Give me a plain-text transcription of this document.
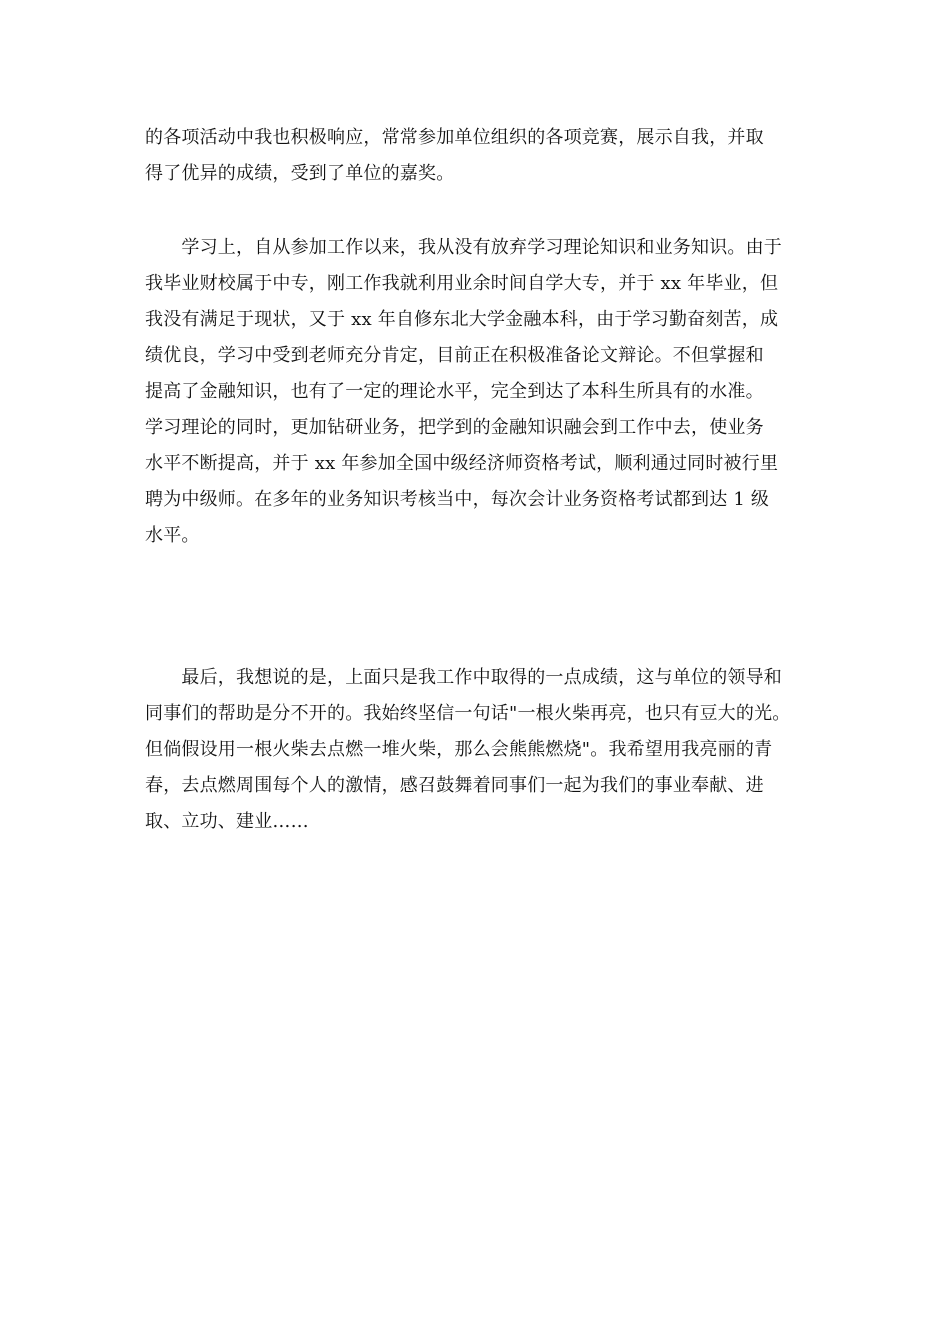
的各项活动中我也积极响应，常常参加单位组织的各项竞赛，展示自我，并取
得了优异的成绩，受到了单位的嘉奖。

　　学习上，自从参加工作以来，我从没有放弃学习理论知识和业务知识。由于
我毕业财校属于中专，刚工作我就利用业余时间自学大专，并于 xx 年毕业，但
我没有满足于现状，又于 xx 年自修东北大学金融本科，由于学习勤奋刻苦，成
绩优良，学习中受到老师充分肯定，目前正在积极准备论文辩论。不但掌握和
提高了金融知识，也有了一定的理论水平，完全到达了本科生所具有的水准。
学习理论的同时，更加钻研业务，把学到的金融知识融会到工作中去，使业务
水平不断提高，并于 xx 年参加全国中级经济师资格考试，顺利通过同时被行里
聘为中级师。在多年的业务知识考核当中，每次会计业务资格考试都到达 1 级
水平。

　　最后，我想说的是，上面只是我工作中取得的一点成绩，这与单位的领导和
同事们的帮助是分不开的。我始终坚信一句话"一根火柴再亮，也只有豆大的光。
但倘假设用一根火柴去点燃一堆火柴，那么会熊熊燃烧"。我希望用我亮丽的青
春，去点燃周围每个人的激情，感召鼓舞着同事们一起为我们的事业奉献、进
取、立功、建业……
